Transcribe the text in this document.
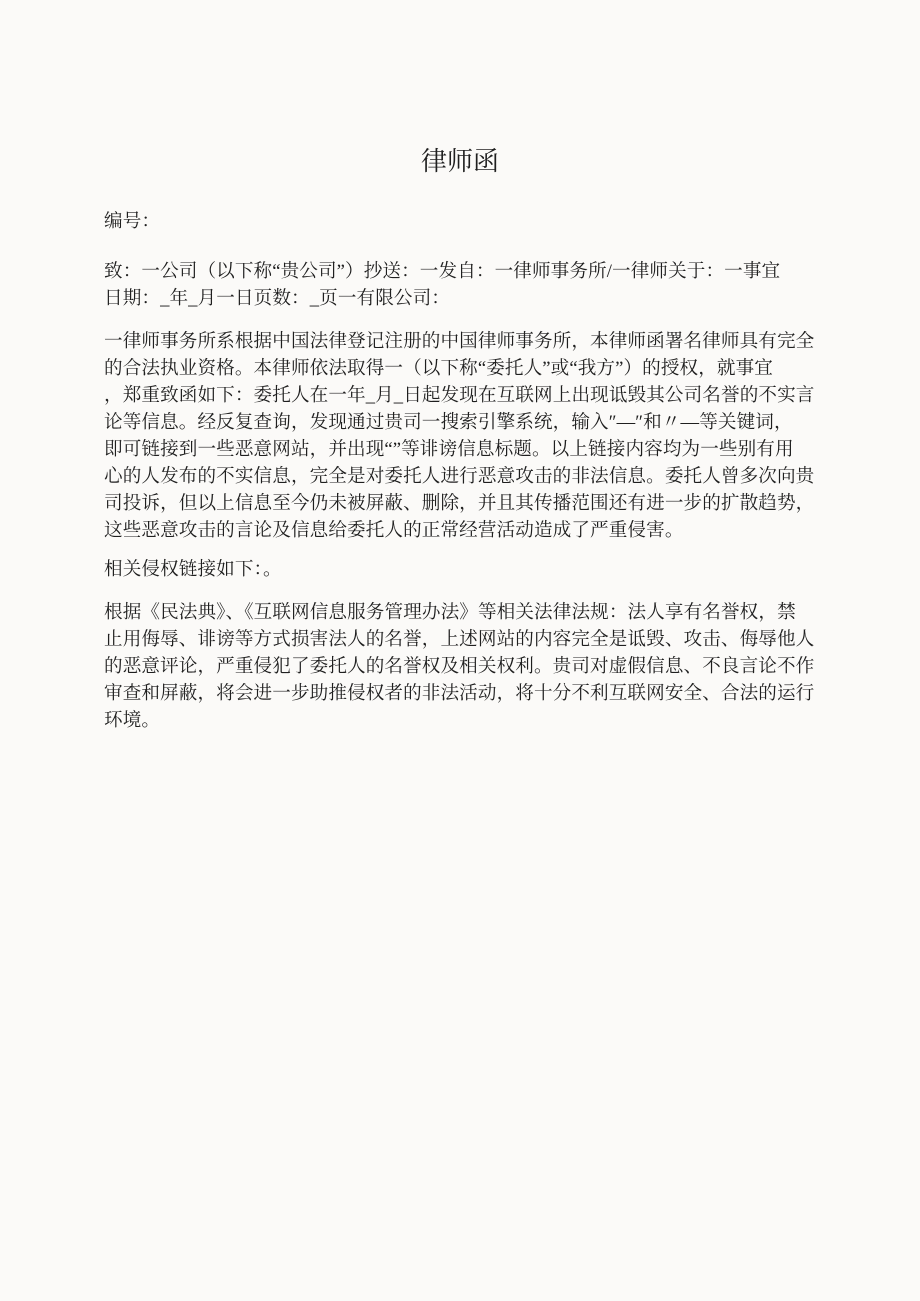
律师函

编号：

致：一公司（以下称“贵公司”）抄送：一发自：一律师事务所/一律师关于：一事宜
日期：_年_月一日页数：_页一有限公司：
一律师事务所系根据中国法律登记注册的中国律师事务所，本律师函署名律师具有完全
的合法执业资格。本律师依法取得一（以下称“委托人”或“我方”）的授权，就事宜
，郑重致函如下：委托人在一年_月_日起发现在互联网上出现诋毁其公司名誉的不实言
论等信息。经反复查询，发现通过贵司一搜索引擎系统，输入″—″和〃—等关键词，
即可链接到一些恶意网站，并出现“”等诽谤信息标题。以上链接内容均为一些别有用
心的人发布的不实信息，完全是对委托人进行恶意攻击的非法信息。委托人曾多次向贵
司投诉，但以上信息至今仍未被屏蔽、删除，并且其传播范围还有进一步的扩散趋势，
这些恶意攻击的言论及信息给委托人的正常经营活动造成了严重侵害。

相关侵权链接如下：。

根据《民法典》、《互联网信息服务管理办法》等相关法律法规：法人享有名誉权，禁
止用侮辱、诽谤等方式损害法人的名誉，上述网站的内容完全是诋毁、攻击、侮辱他人
的恶意评论，严重侵犯了委托人的名誉权及相关权利。贵司对虚假信息、不良言论不作
审查和屏蔽，将会进一步助推侵权者的非法活动，将十分不利互联网安全、合法的运行
环境。
